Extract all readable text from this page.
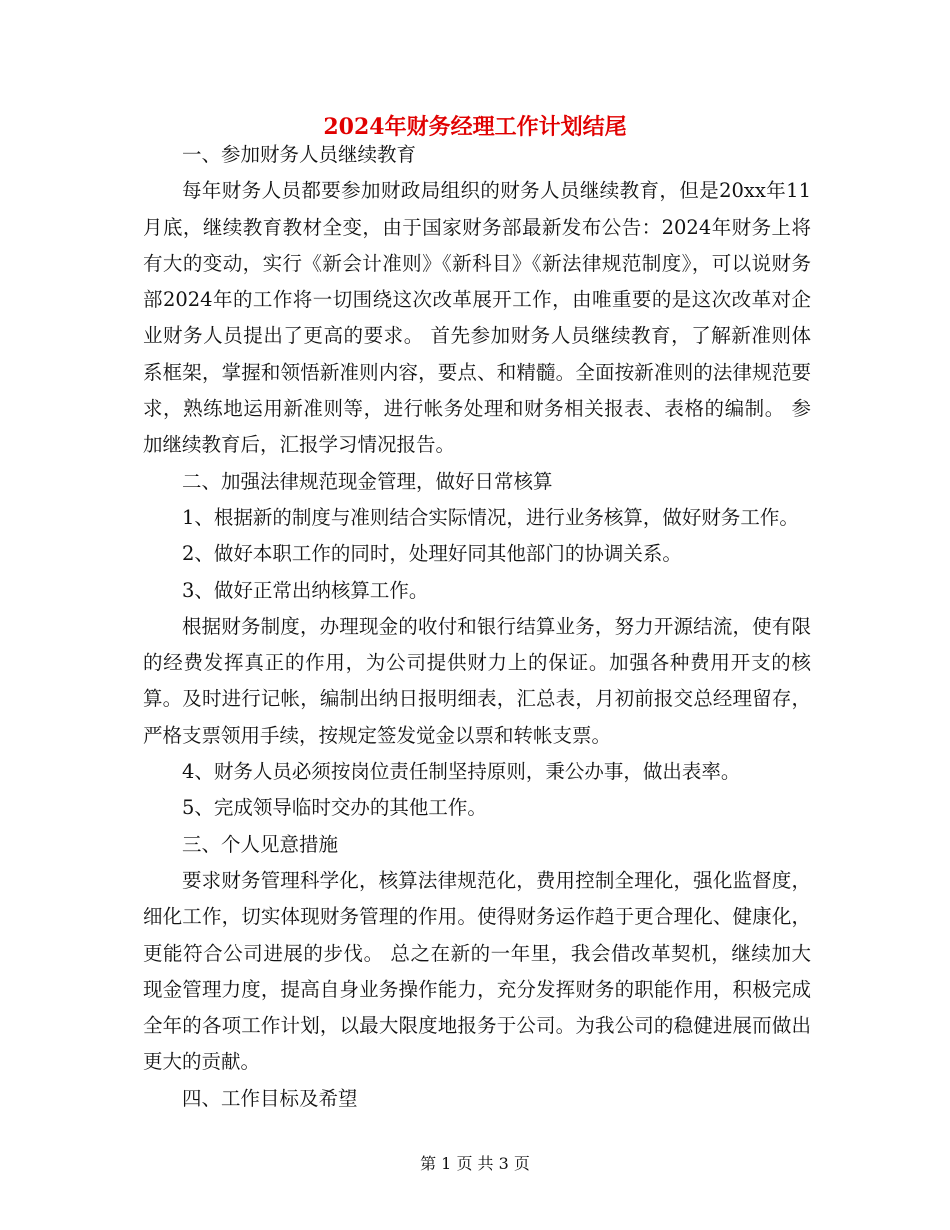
2024年财务经理工作计划结尾

一、参加财务人员继续教育

每年财务人员都要参加财政局组织的财务人员继续教育，但是20xx年11月底，继续教育教材全变，由于国家财务部最新发布公告：2024年财务上将有大的变动，实行《新会计准则》《新科目》《新法律规范制度》，可以说财务部2024年的工作将一切围绕这次改革展开工作，由唯重要的是这次改革对企业财务人员提出了更高的要求。 首先参加财务人员继续教育，了解新准则体系框架，掌握和领悟新准则内容，要点、和精髓。全面按新准则的法律规范要求，熟练地运用新准则等，进行帐务处理和财务相关报表、表格的编制。 参加继续教育后，汇报学习情况报告。

二、加强法律规范现金管理，做好日常核算

1、根据新的制度与准则结合实际情况，进行业务核算，做好财务工作。

2、做好本职工作的同时，处理好同其他部门的协调关系。

3、做好正常出纳核算工作。

根据财务制度，办理现金的收付和银行结算业务，努力开源结流，使有限的经费发挥真正的作用，为公司提供财力上的保证。加强各种费用开支的核算。及时进行记帐，编制出纳日报明细表，汇总表，月初前报交总经理留存，严格支票领用手续，按规定签发觉金以票和转帐支票。

4、财务人员必须按岗位责任制坚持原则，秉公办事，做出表率。

5、完成领导临时交办的其他工作。

三、个人见意措施

要求财务管理科学化，核算法律规范化，费用控制全理化，强化监督度，细化工作，切实体现财务管理的作用。使得财务运作趋于更合理化、健康化，更能符合公司进展的步伐。 总之在新的一年里，我会借改革契机，继续加大现金管理力度，提高自身业务操作能力，充分发挥财务的职能作用，积极完成全年的各项工作计划，以最大限度地报务于公司。为我公司的稳健进展而做出更大的贡献。

四、工作目标及希望

第 1 页 共 3 页
